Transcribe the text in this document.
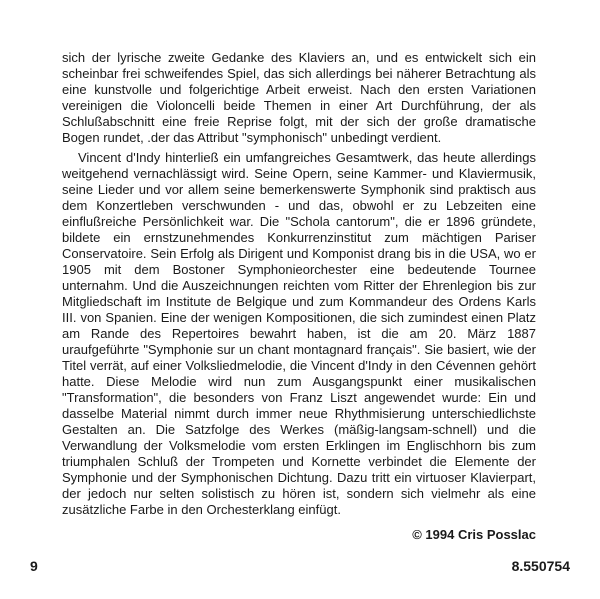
sich der lyrische zweite Gedanke des Klaviers an, und es entwickelt sich ein scheinbar frei schweifendes Spiel, das sich allerdings bei näherer Betrachtung als eine kunstvolle und folgerichtige Arbeit erweist. Nach den ersten Variationen vereinigen die Violoncelli beide Themen in einer Art Durchführung, der als Schlußabschnitt eine freie Reprise folgt, mit der sich der große dramatische Bogen rundet, .der das Attribut "symphonisch" unbedingt verdient.

Vincent d'Indy hinterließ ein umfangreiches Gesamtwerk, das heute allerdings weitgehend vernachlässigt wird. Seine Opern, seine Kammer- und Klaviermusik, seine Lieder und vor allem seine bemerkenswerte Symphonik sind praktisch aus dem Konzertleben verschwunden - und das, obwohl er zu Lebzeiten eine einflußreiche Persönlichkeit war. Die "Schola cantorum", die er 1896 gründete, bildete ein ernstzunehmendes Konkurrenzinstitut zum mächtigen Pariser Conservatoire. Sein Erfolg als Dirigent und Komponist drang bis in die USA, wo er 1905 mit dem Bostoner Symphonieorchester eine bedeutende Tournee unternahm. Und die Auszeichnungen reichten vom Ritter der Ehrenlegion bis zur Mitgliedschaft im Institute de Belgique und zum Kommandeur des Ordens Karls III. von Spanien. Eine der wenigen Kompositionen, die sich zumindest einen Platz am Rande des Repertoires bewahrt haben, ist die am 20. März 1887 uraufgeführte "Symphonie sur un chant montagnard français". Sie basiert, wie der Titel verrät, auf einer Volksliedmelodie, die Vincent d'Indy in den Cévennen gehört hatte. Diese Melodie wird nun zum Ausgangspunkt einer musikalischen "Transformation", die besonders von Franz Liszt angewendet wurde: Ein und dasselbe Material nimmt durch immer neue Rhythmisierung unterschiedlichste Gestalten an. Die Satzfolge des Werkes (mäßig-langsam-schnell) und die Verwandlung der Volksmelodie vom ersten Erklingen im Englischhorn bis zum triumphalen Schluß der Trompeten und Kornette verbindet die Elemente der Symphonie und der Symphonischen Dichtung. Dazu tritt ein virtuoser Klavierpart, der jedoch nur selten solistisch zu hören ist, sondern sich vielmehr als eine zusätzliche Farbe in den Orchesterklang einfügt.

© 1994 Cris Posslac
9	8.550754
